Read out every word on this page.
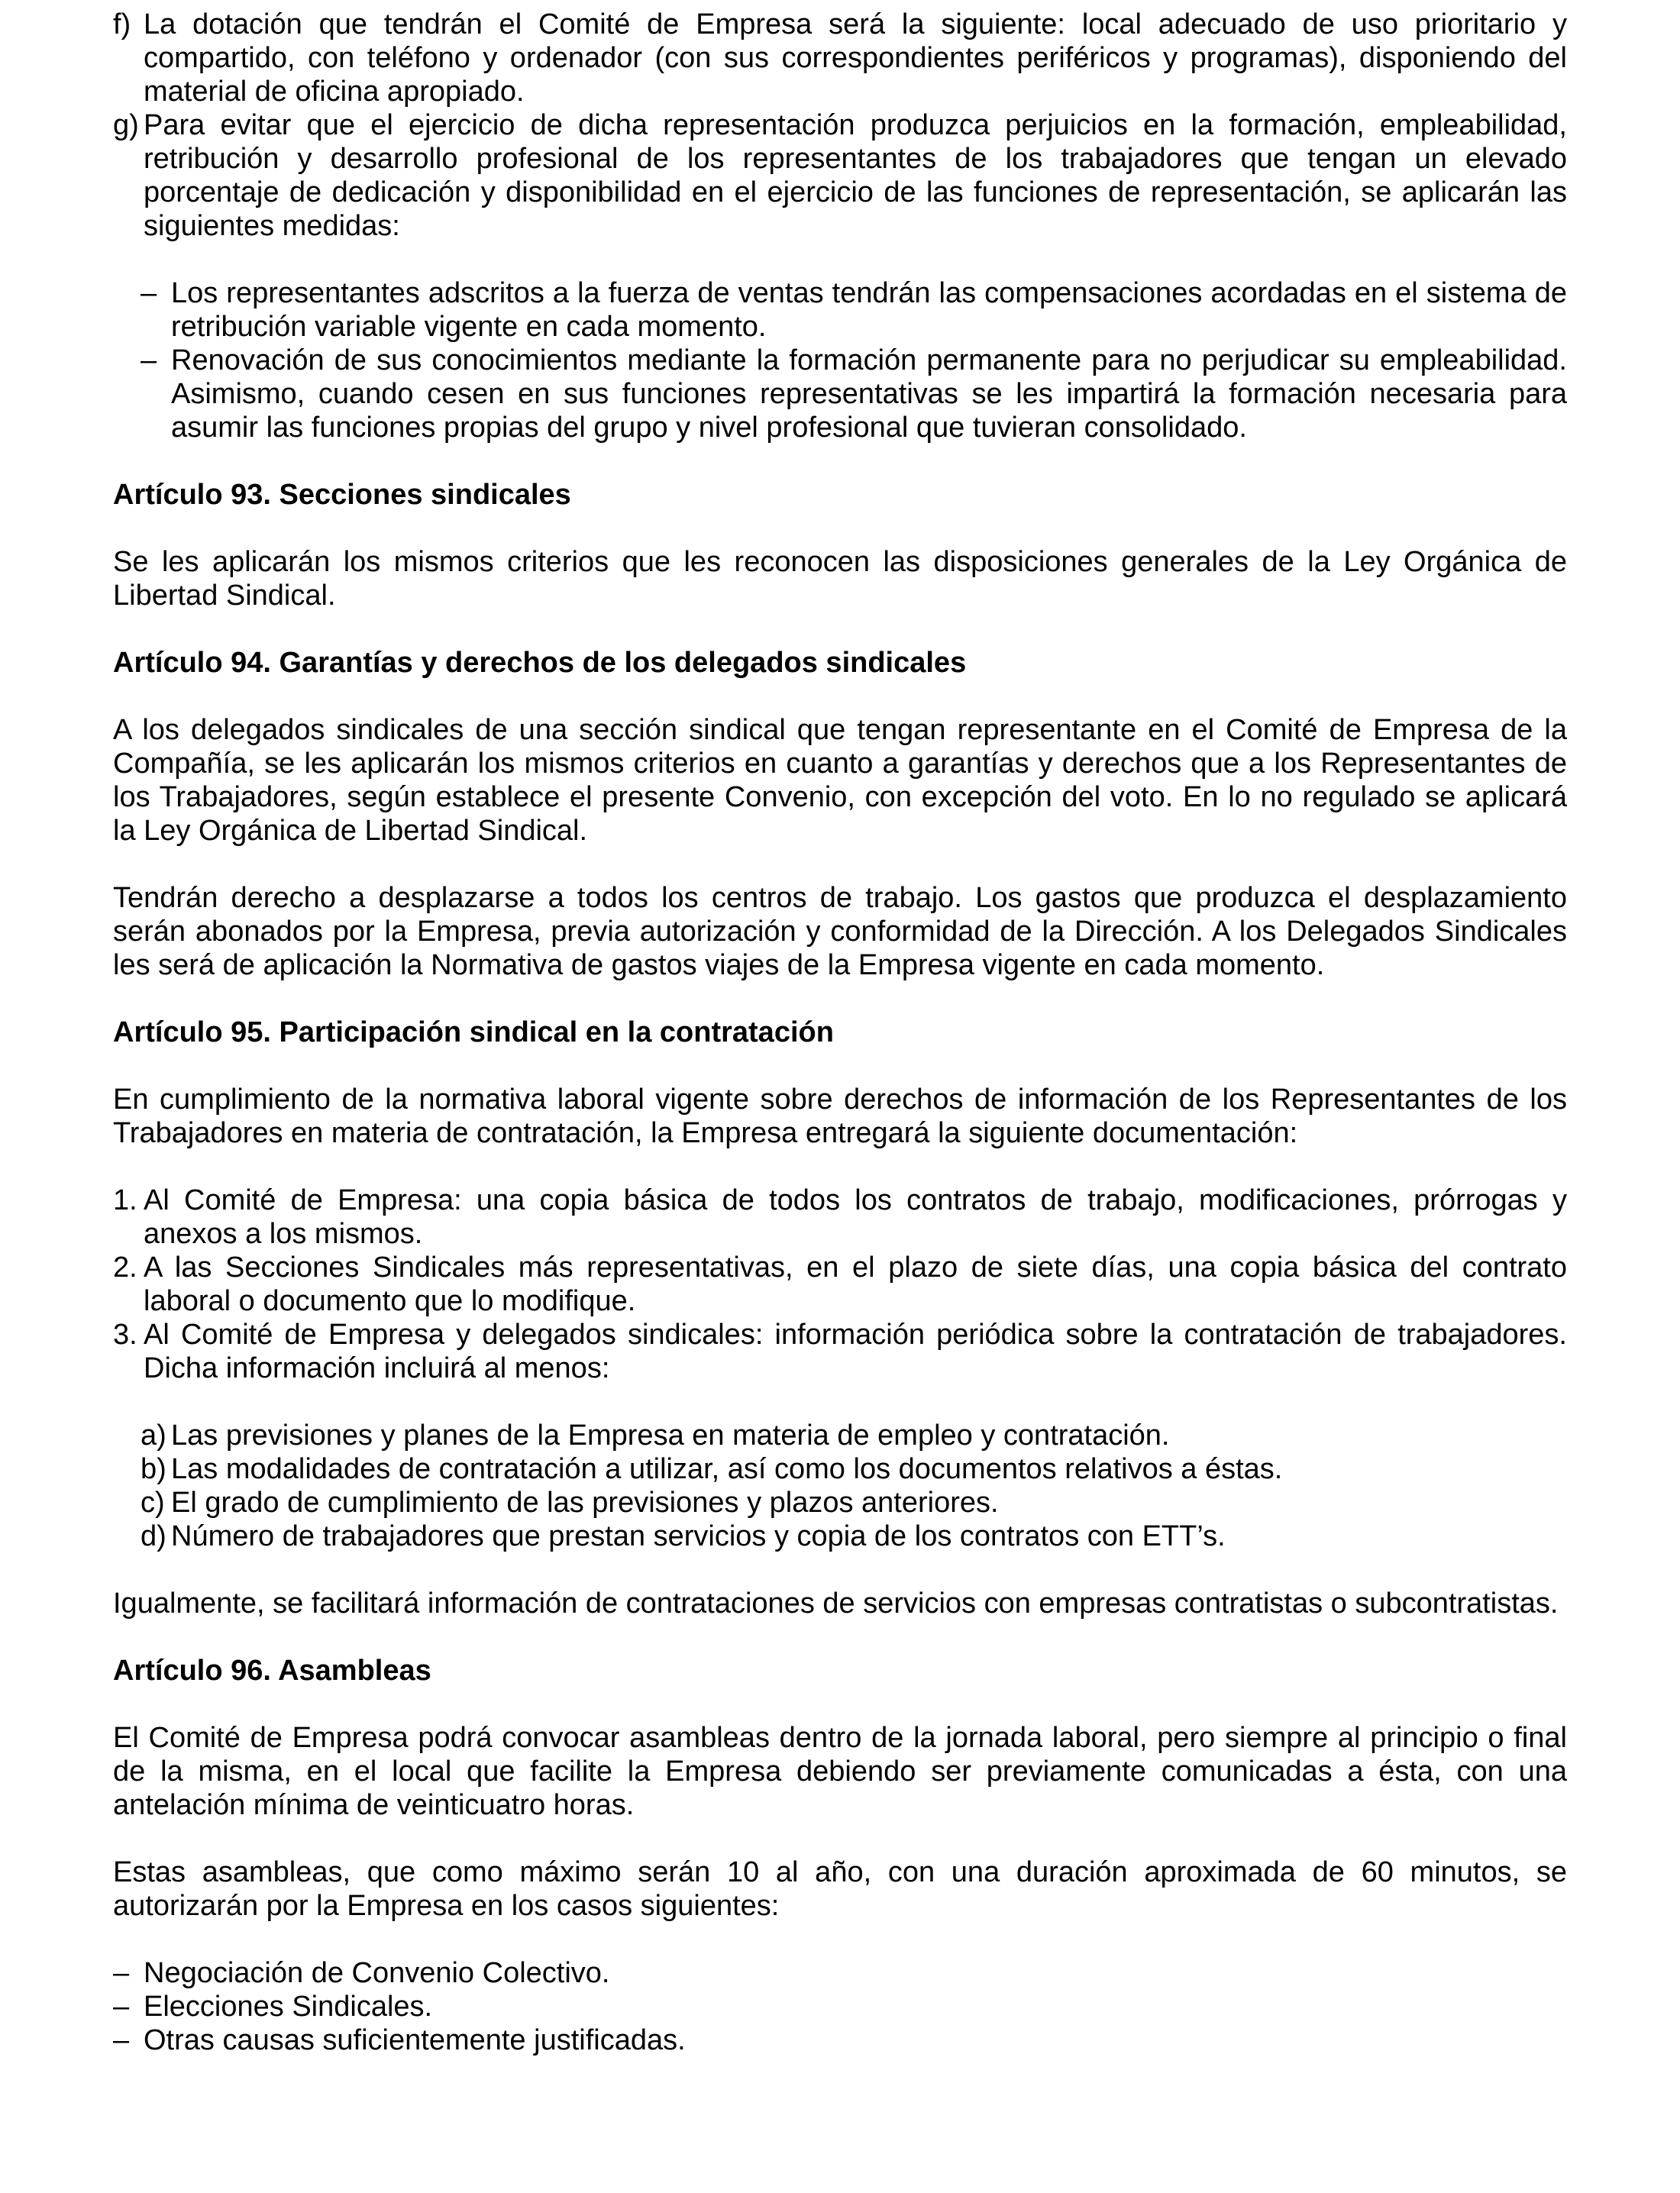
f) La dotación que tendrán el Comité de Empresa será la siguiente: local adecuado de uso prioritario y compartido, con teléfono y ordenador (con sus correspondientes periféricos y programas), disponiendo del material de oficina apropiado.

g) Para evitar que el ejercicio de dicha representación produzca perjuicios en la formación, empleabilidad, retribución y desarrollo profesional de los representantes de los trabajadores que tengan un elevado porcentaje de dedicación y disponibilidad en el ejercicio de las funciones de representación, se aplicarán las siguientes medidas:

– Los representantes adscritos a la fuerza de ventas tendrán las compensaciones acordadas en el sistema de retribución variable vigente en cada momento.

– Renovación de sus conocimientos mediante la formación permanente para no perjudicar su empleabilidad. Asimismo, cuando cesen en sus funciones representativas se les impartirá la formación necesaria para asumir las funciones propias del grupo y nivel profesional que tuvieran consolidado.

Artículo 93. Secciones sindicales

Se les aplicarán los mismos criterios que les reconocen las disposiciones generales de la Ley Orgánica de Libertad Sindical.

Artículo 94. Garantías y derechos de los delegados sindicales

A los delegados sindicales de una sección sindical que tengan representante en el Comité de Empresa de la Compañía, se les aplicarán los mismos criterios en cuanto a garantías y derechos que a los Representantes de los Trabajadores, según establece el presente Convenio, con excepción del voto. En lo no regulado se aplicará la Ley Orgánica de Libertad Sindical.

Tendrán derecho a desplazarse a todos los centros de trabajo. Los gastos que produzca el desplazamiento serán abonados por la Empresa, previa autorización y conformidad de la Dirección. A los Delegados Sindicales les será de aplicación la Normativa de gastos viajes de la Empresa vigente en cada momento.

Artículo 95. Participación sindical en la contratación

En cumplimiento de la normativa laboral vigente sobre derechos de información de los Representantes de los Trabajadores en materia de contratación, la Empresa entregará la siguiente documentación:

1. Al Comité de Empresa: una copia básica de todos los contratos de trabajo, modificaciones, prórrogas y anexos a los mismos.

2. A las Secciones Sindicales más representativas, en el plazo de siete días, una copia básica del contrato laboral o documento que lo modifique.

3. Al Comité de Empresa y delegados sindicales: información periódica sobre la contratación de trabajadores. Dicha información incluirá al menos:

a) Las previsiones y planes de la Empresa en materia de empleo y contratación.

b) Las modalidades de contratación a utilizar, así como los documentos relativos a éstas.

c) El grado de cumplimiento de las previsiones y plazos anteriores.

d) Número de trabajadores que prestan servicios y copia de los contratos con ETT’s.

Igualmente, se facilitará información de contrataciones de servicios con empresas contratistas o subcontratistas.

Artículo 96. Asambleas

El Comité de Empresa podrá convocar asambleas dentro de la jornada laboral, pero siempre al principio o final de la misma, en el local que facilite la Empresa debiendo ser previamente comunicadas a ésta, con una antelación mínima de veinticuatro horas.

Estas asambleas, que como máximo serán 10 al año, con una duración aproximada de 60 minutos, se autorizarán por la Empresa en los casos siguientes:

– Negociación de Convenio Colectivo.

– Elecciones Sindicales.

– Otras causas suficientemente justificadas.
